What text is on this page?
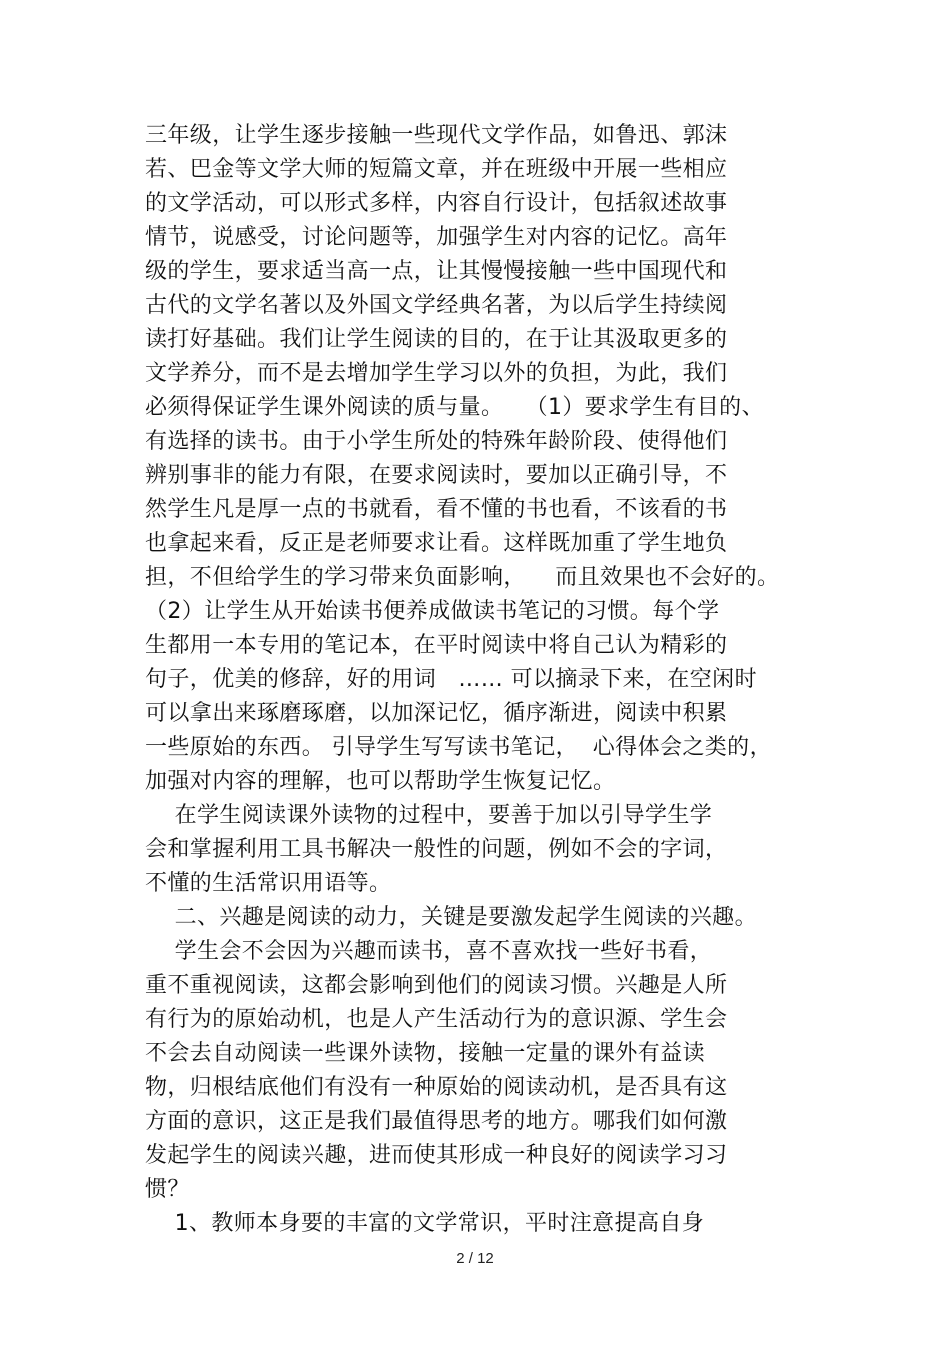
三年级，让学生逐步接触一些现代文学作品，如鲁迅、郭沫
若、巴金等文学大师的短篇文章，并在班级中开展一些相应
的文学活动，可以形式多样，内容自行设计，包括叙述故事
情节，说感受，讨论问题等，加强学生对内容的记忆。高年
级的学生，要求适当高一点，让其慢慢接触一些中国现代和
古代的文学名著以及外国文学经典名著，为以后学生持续阅
读打好基础。我们让学生阅读的目的，在于让其汲取更多的
文学养分，而不是去增加学生学习以外的负担，为此，我们
必须得保证学生课外阅读的质与量。   （1）要求学生有目的、
有选择的读书。由于小学生所处的特殊年龄阶段、使得他们
辨别事非的能力有限，在要求阅读时，要加以正确引导，不
然学生凡是厚一点的书就看，看不懂的书也看，不该看的书
也拿起来看，反正是老师要求让看。这样既加重了学生地负
担，不但给学生的学习带来负面影响，    而且效果也不会好的。
（2）让学生从开始读书便养成做读书笔记的习惯。每个学
生都用一本专用的笔记本，在平时阅读中将自己认为精彩的
句子，优美的修辞，好的用词   …… 可以摘录下来，在空闲时
可以拿出来琢磨琢磨，以加深记忆，循序渐进，阅读中积累
一些原始的东西。 引导学生写写读书笔记，  心得体会之类的，
加强对内容的理解，也可以帮助学生恢复记忆。
在学生阅读课外读物的过程中，要善于加以引导学生学
会和掌握利用工具书解决一般性的问题，例如不会的字词，
不懂的生活常识用语等。
二、兴趣是阅读的动力，关键是要激发起学生阅读的兴趣。
学生会不会因为兴趣而读书，喜不喜欢找一些好书看，
重不重视阅读，这都会影响到他们的阅读习惯。兴趣是人所
有行为的原始动机，也是人产生活动行为的意识源、学生会
不会去自动阅读一些课外读物，接触一定量的课外有益读
物，归根结底他们有没有一种原始的阅读动机，是否具有这
方面的意识，这正是我们最值得思考的地方。哪我们如何激
发起学生的阅读兴趣，进而使其形成一种良好的阅读学习习
惯？
1、教师本身要的丰富的文学常识，平时注意提高自身
2 / 12
